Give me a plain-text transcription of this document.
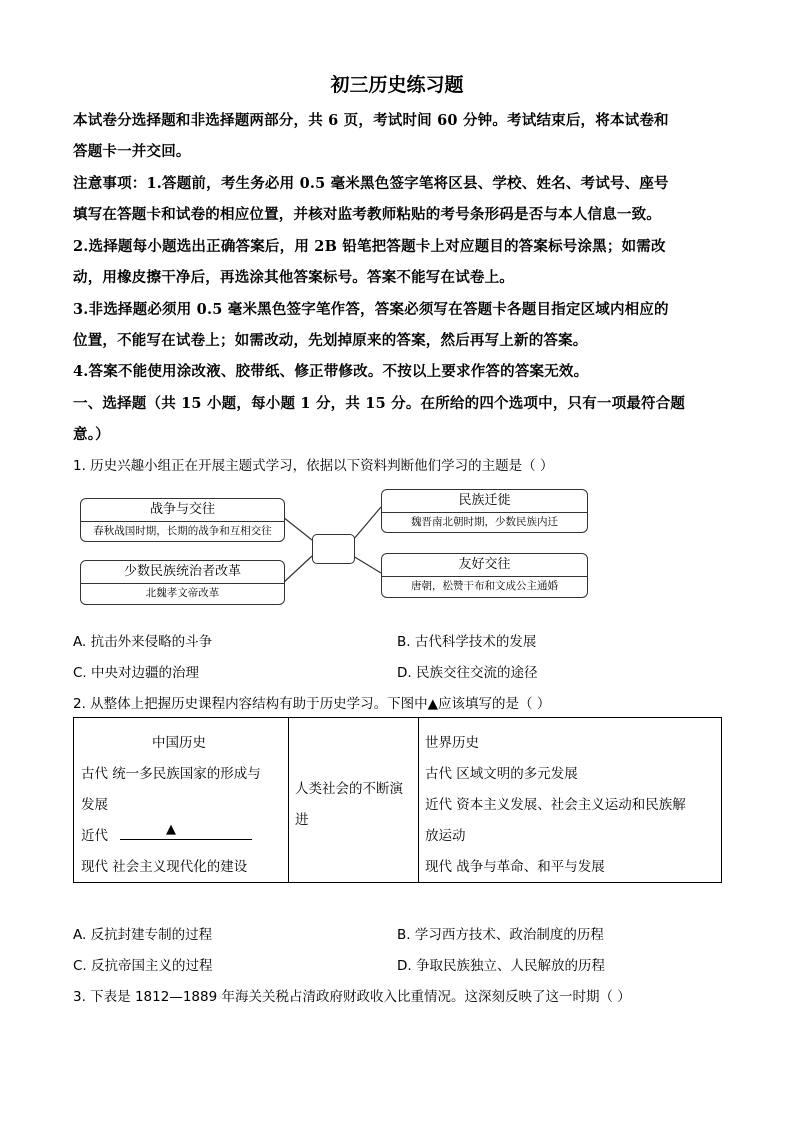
初三历史练习题
本试卷分选择题和非选择题两部分，共 6 页，考试时间 60 分钟。考试结束后，将本试卷和
答题卡一并交回。
注意事项：1.答题前，考生务必用 0.5 毫米黑色签字笔将区县、学校、姓名、考试号、座号
填写在答题卡和试卷的相应位置，并核对监考教师粘贴的考号条形码是否与本人信息一致。
2.选择题每小题选出正确答案后，用 2B 铅笔把答题卡上对应题目的答案标号涂黑；如需改
动，用橡皮擦干净后，再选涂其他答案标号。答案不能写在试卷上。
3.非选择题必须用 0.5 毫米黑色签字笔作答，答案必须写在答题卡各题目指定区域内相应的
位置，不能写在试卷上；如需改动，先划掉原来的答案，然后再写上新的答案。
4.答案不能使用涂改液、胶带纸、修正带修改。不按以上要求作答的答案无效。
一、选择题（共 15 小题，每小题 1 分，共 15 分。在所给的四个选项中，只有一项最符合题
意。）
1. 历史兴趣小组正在开展主题式学习，依据以下资料判断他们学习的主题是（ ）
战争与交往
春秋战国时期，长期的战争和互相交往
少数民族统治者改革
北魏孝文帝改革
民族迁徙
魏晋南北朝时期，少数民族内迁
友好交往
唐朝，松赞干布和文成公主通婚
A. 抗击外来侵略的斗争	B. 古代科学技术的发展
C. 中央对边疆的治理	D. 民族交往交流的途径
2. 从整体上把握历史课程内容结构有助于历史学习。下图中▲应该填写的是（ ）
中国历史
古代 统一多民族国家的形成与
发展
近代	▲
现代 社会主义现代化的建设

人类社会的不断演
进

世界历史
古代 区域文明的多元发展
近代 资本主义发展、社会主义运动和民族解
放运动
现代 战争与革命、和平与发展
A. 反抗封建专制的过程	B. 学习西方技术、政治制度的历程
C. 反抗帝国主义的过程	D. 争取民族独立、人民解放的历程
3. 下表是 1812—1889 年海关关税占清政府财政收入比重情况。这深刻反映了这一时期（ ）
